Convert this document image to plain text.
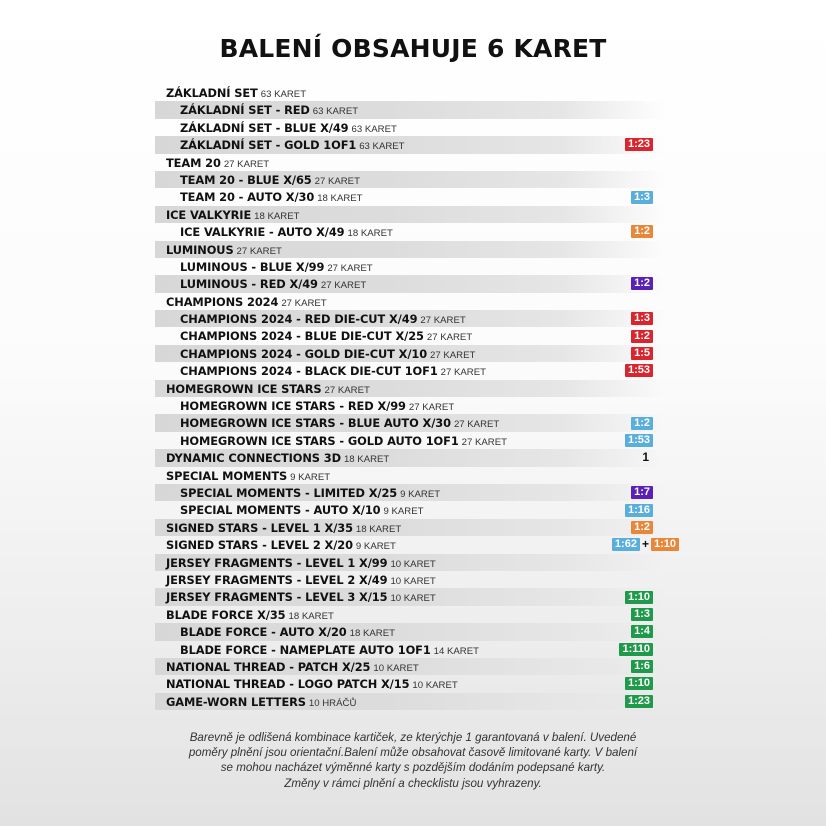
BALENÍ OBSAHUJE 6 KARET
ZÁKLADNÍ SET 63 KARET
ZÁKLADNÍ SET - RED 63 KARET
ZÁKLADNÍ SET - BLUE X/49 63 KARET
ZÁKLADNÍ SET - GOLD 1OF1 63 KARET	1:23
TEAM 20 27 KARET
TEAM 20 - BLUE X/65 27 KARET
TEAM 20 - AUTO X/30 18 KARET	1:3
ICE VALKYRIE 18 KARET
ICE VALKYRIE - AUTO X/49 18 KARET	1:2
LUMINOUS 27 KARET
LUMINOUS - BLUE X/99 27 KARET
LUMINOUS - RED X/49 27 KARET	1:2
CHAMPIONS 2024 27 KARET
CHAMPIONS 2024 - RED DIE-CUT X/49 27 KARET	1:3
CHAMPIONS 2024 - BLUE DIE-CUT X/25 27 KARET	1:2
CHAMPIONS 2024 - GOLD DIE-CUT X/10 27 KARET	1:5
CHAMPIONS 2024 - BLACK DIE-CUT 1OF1 27 KARET	1:53
HOMEGROWN ICE STARS 27 KARET
HOMEGROWN ICE STARS - RED X/99 27 KARET
HOMEGROWN ICE STARS - BLUE AUTO X/30 27 KARET	1:2
HOMEGROWN ICE STARS - GOLD AUTO 1OF1 27 KARET	1:53
DYNAMIC CONNECTIONS 3D 18 KARET	1
SPECIAL MOMENTS 9 KARET
SPECIAL MOMENTS - LIMITED X/25 9 KARET	1:7
SPECIAL MOMENTS - AUTO X/10 9 KARET	1:16
SIGNED STARS - LEVEL 1 X/35 18 KARET	1:2
SIGNED STARS - LEVEL 2 X/20 9 KARET	1:62 + 1:10
JERSEY FRAGMENTS - LEVEL 1 X/99 10 KARET
JERSEY FRAGMENTS - LEVEL 2 X/49 10 KARET
JERSEY FRAGMENTS - LEVEL 3 X/15 10 KARET	1:10
BLADE FORCE X/35 18 KARET	1:3
BLADE FORCE - AUTO X/20 18 KARET	1:4
BLADE FORCE - NAMEPLATE AUTO 1OF1 14 KARET	1:110
NATIONAL THREAD - PATCH X/25 10 KARET	1:6
NATIONAL THREAD - LOGO PATCH X/15 10 KARET	1:10
GAME-WORN LETTERS 10 HRÁČŮ	1:23
Barevně je odlišená kombinace kartiček, ze kterýchje 1 garantovaná v balení. Uvedené
poměry plnění jsou orientační.Balení může obsahovat časově limitované karty. V balení
se mohou nacházet výměnné karty s pozdějším dodáním podepsané karty.
Změny v rámci plnění a checklistu jsou vyhrazeny.
